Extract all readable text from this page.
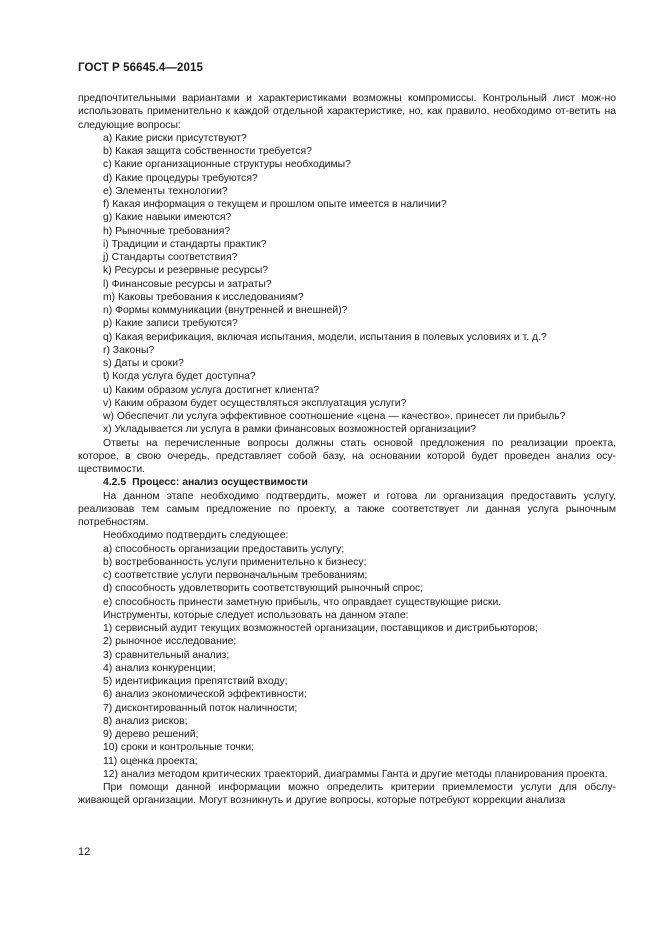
ГОСТ Р 56645.4—2015

предпочтительными вариантами и характеристиками возможны компромиссы. Контрольный лист мож-но использовать применительно к каждой отдельной характеристике, но, как правило, необходимо от-ветить на следующие вопросы:

a) Какие риски присутствуют?

b) Какая защита собственности требуется?

c) Какие организационные структуры необходимы?

d) Какие процедуры требуются?

e) Элементы технологии?

f) Какая информация о текущем и прошлом опыте имеется в наличии?

g) Какие навыки имеются?

h) Рыночные требования?

i) Традиции и стандарты практик?

j) Стандарты соответствия?

k) Ресурсы и резервные ресурсы?

l) Финансовые ресурсы и затраты?

m) Каковы требования к исследованиям?

n) Формы коммуникации (внутренней и внешней)?

p) Какие записи требуются?

q) Какая верификация, включая испытания, модели, испытания в полевых условиях и т. д.?

r) Законы?

s) Даты и сроки?

t) Когда услуга будет доступна?

u) Каким образом услуга достигнет клиента?

v) Каким образом будет осуществляться эксплуатация услуги?

w) Обеспечит ли услуга эффективное соотношение «цена — качество», принесет ли прибыль?

x) Укладывается ли услуга в рамки финансовых возможностей организации?

Ответы на перечисленные вопросы должны стать основой предложения по реализации проекта, которое, в свою очередь, представляет собой базу, на основании которой будет проведен анализ осу-ществимости.

4.2.5 Процесс: анализ осуществимости

На данном этапе необходимо подтвердить, может и готова ли организация предоставить услугу, реализовав тем самым предложение по проекту, а также соответствует ли данная услуга рыночным потребностям.

Необходимо подтвердить следующее:

a) способность организации предоставить услугу;

b) востребованность услуги применительно к бизнесу;

c) соответствие услуги первоначальным требованиям;

d) способность удовлетворить соответствующий рыночный спрос;

e) способность принести заметную прибыль, что оправдает существующие риски.

Инструменты, которые следует использовать на данном этапе:

1) сервисный аудит текущих возможностей организации, поставщиков и дистрибьюторов;

2) рыночное исследование;

3) сравнительный анализ;

4) анализ конкуренции;

5) идентификация препятствий входу;

6) анализ экономической эффективности;

7) дисконтированный поток наличности;

8) анализ рисков;

9) дерево решений;

10) сроки и контрольные точки;

11) оценка проекта;

12) анализ методом критических траекторий, диаграммы Ганта и другие методы планирования проекта.

При помощи данной информации можно определить критерии приемлемости услуги для обслу-живающей организации. Могут возникнуть и другие вопросы, которые потребуют коррекции анализа

12
